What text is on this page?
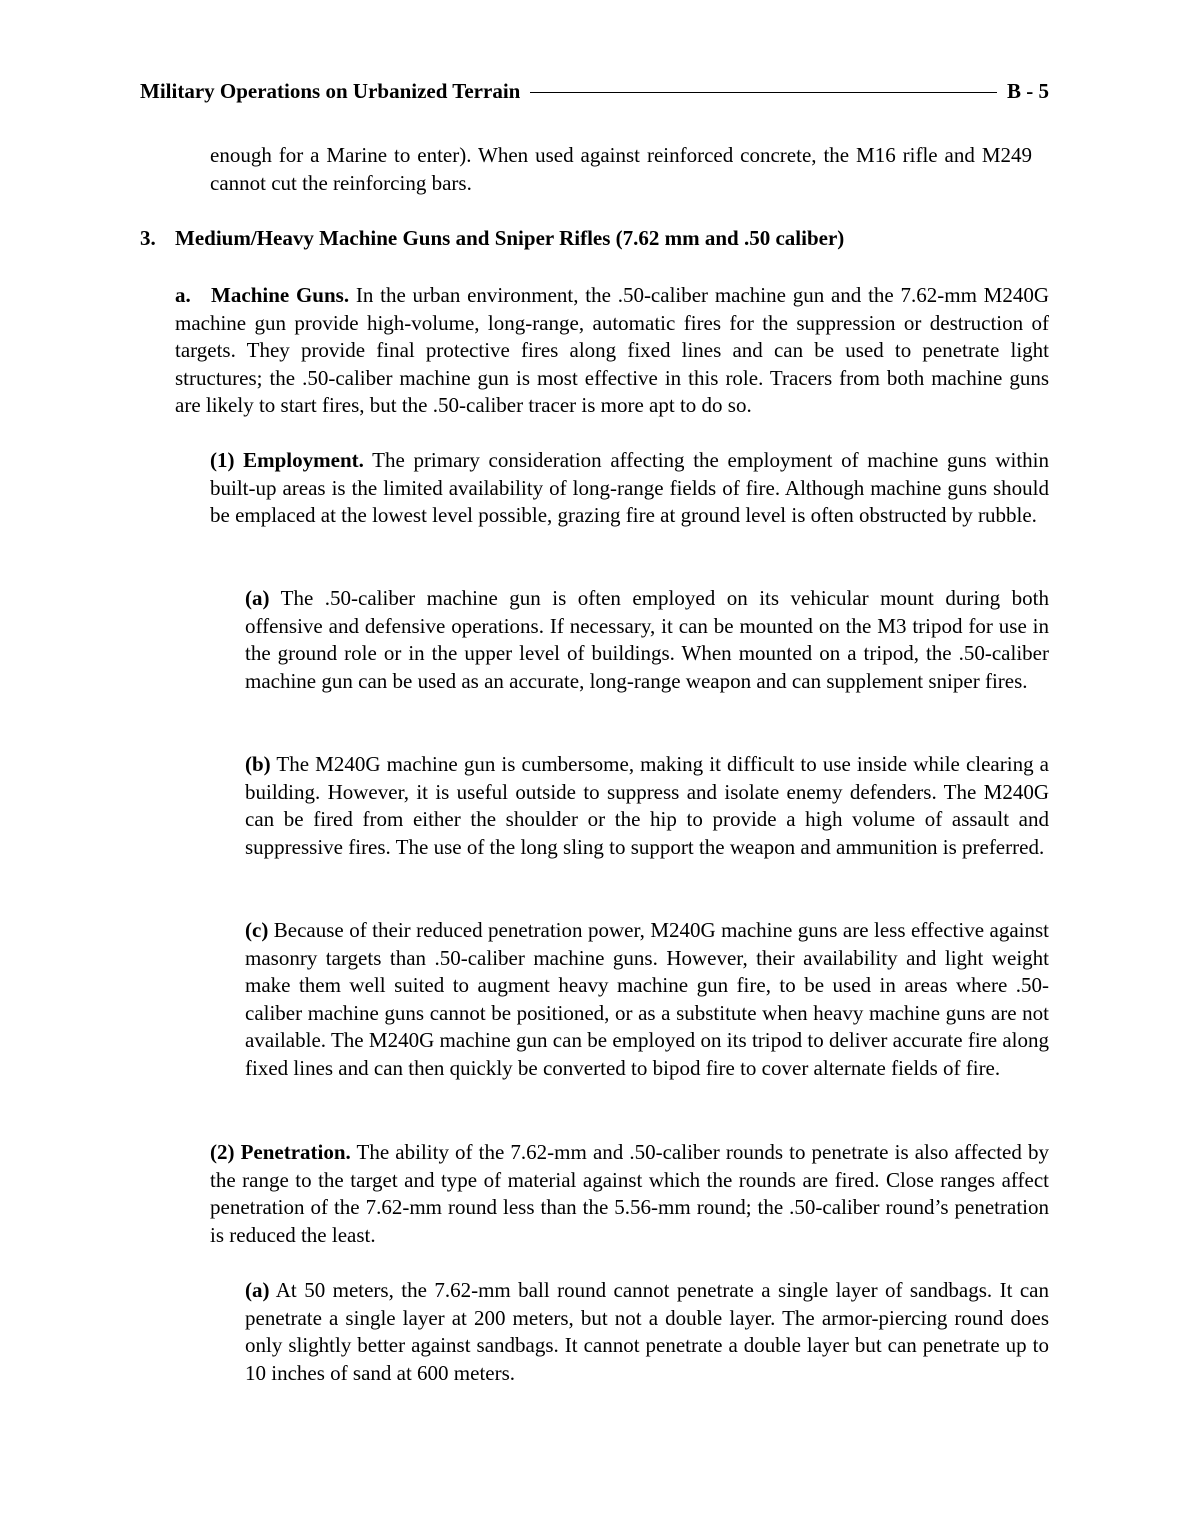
Military Operations on Urbanized Terrain	B - 5
enough for a Marine to enter). When used against reinforced concrete, the M16 rifle and M249 cannot cut the reinforcing bars.
3. Medium/Heavy Machine Guns and Sniper Rifles (7.62 mm and .50 caliber)
a. Machine Guns. In the urban environment, the .50-caliber machine gun and the 7.62-mm M240G machine gun provide high-volume, long-range, automatic fires for the suppression or destruction of targets. They provide final protective fires along fixed lines and can be used to penetrate light structures; the .50-caliber machine gun is most effective in this role. Tracers from both machine guns are likely to start fires, but the .50-caliber tracer is more apt to do so.
(1) Employment. The primary consideration affecting the employment of machine guns within built-up areas is the limited availability of long-range fields of fire. Although machine guns should be emplaced at the lowest level possible, grazing fire at ground level is often obstructed by rubble.
(a) The .50-caliber machine gun is often employed on its vehicular mount during both offensive and defensive operations. If necessary, it can be mounted on the M3 tripod for use in the ground role or in the upper level of buildings. When mounted on a tripod, the .50-caliber machine gun can be used as an accurate, long-range weapon and can supplement sniper fires.
(b) The M240G machine gun is cumbersome, making it difficult to use inside while clearing a building. However, it is useful outside to suppress and isolate enemy defenders. The M240G can be fired from either the shoulder or the hip to provide a high volume of assault and suppressive fires. The use of the long sling to support the weapon and ammunition is preferred.
(c) Because of their reduced penetration power, M240G machine guns are less effective against masonry targets than .50-caliber machine guns. However, their availability and light weight make them well suited to augment heavy machine gun fire, to be used in areas where .50-caliber machine guns cannot be positioned, or as a substitute when heavy machine guns are not available. The M240G machine gun can be employed on its tripod to deliver accurate fire along fixed lines and can then quickly be converted to bipod fire to cover alternate fields of fire.
(2) Penetration. The ability of the 7.62-mm and .50-caliber rounds to penetrate is also affected by the range to the target and type of material against which the rounds are fired. Close ranges affect penetration of the 7.62-mm round less than the 5.56-mm round; the .50-caliber round’s penetration is reduced the least.
(a) At 50 meters, the 7.62-mm ball round cannot penetrate a single layer of sandbags. It can penetrate a single layer at 200 meters, but not a double layer. The armor-piercing round does only slightly better against sandbags. It cannot penetrate a double layer but can penetrate up to 10 inches of sand at 600 meters.
